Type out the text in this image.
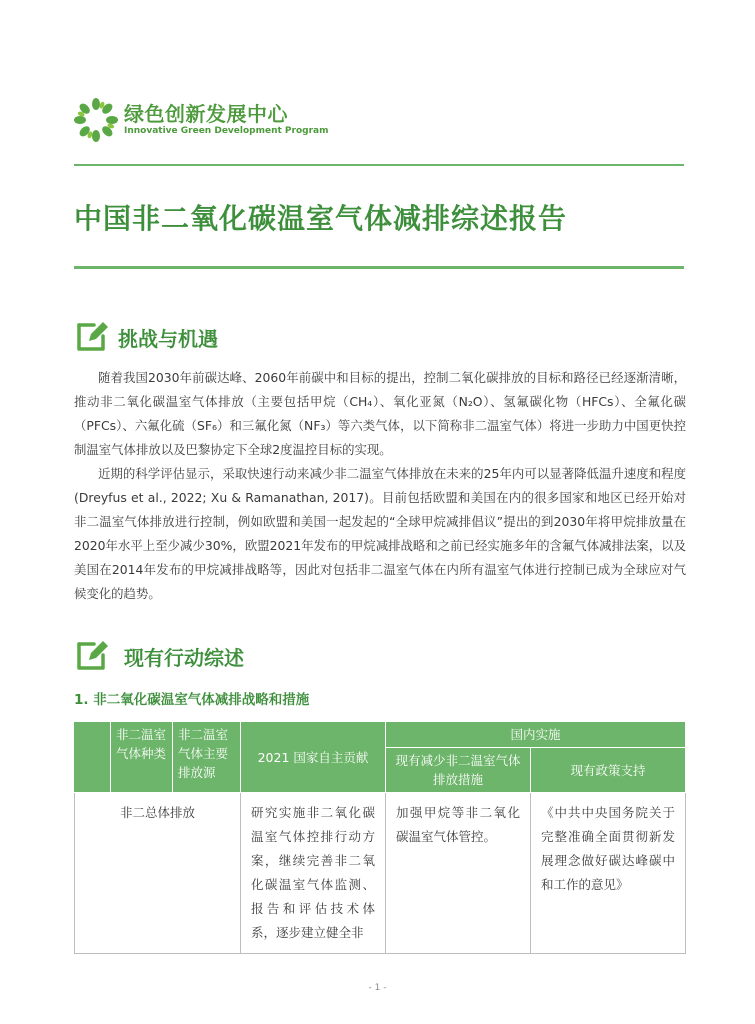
绿色创新发展中心
Innovative Green Development Program
中国非二氧化碳温室气体减排综述报告
挑战与机遇

随着我国2030年前碳达峰、2060年前碳中和目标的提出，控制二氧化碳排放的目标和路径已经逐渐清晰，推动非二氧化碳温室气体排放（主要包括甲烷（CH₄）、氧化亚氮（N₂O）、氢氟碳化物（HFCs）、全氟化碳（PFCs）、六氟化硫（SF₆）和三氟化氮（NF₃）等六类气体，以下简称非二温室气体）将进一步助力中国更快控制温室气体排放以及巴黎协定下全球2度温控目标的实现。

近期的科学评估显示，采取快速行动来减少非二温室气体排放在未来的25年内可以显著降低温升速度和程度(Dreyfus et al., 2022; Xu & Ramanathan, 2017)。目前包括欧盟和美国在内的很多国家和地区已经开始对非二温室气体排放进行控制，例如欧盟和美国一起发起的“全球甲烷减排倡议”提出的到2030年将甲烷排放量在2020年水平上至少减少30%，欧盟2021年发布的甲烷减排战略和之前已经实施多年的含氟气体减排法案，以及美国在2014年发布的甲烷减排战略等，因此对包括非二温室气体在内所有温室气体进行控制已成为全球应对气候变化的趋势。

现有行动综述
1. 非二氧化碳温室气体减排战略和措施
	非二温室气体种类	非二温室气体主要排放源	2021 国家自主贡献	国内实施	
				现有减少非二温室气体排放措施	现有政策支持
非二总体排放			研究实施非二氧化碳温室气体控排行动方案，继续完善非二氧化碳温室气体监测、报告和评估技术体系，逐步建立健全非	加强甲烷等非二氧化碳温室气体管控。	《中共中央国务院关于完整准确全面贯彻新发展理念做好碳达峰碳中和工作的意见》
- 1 -
